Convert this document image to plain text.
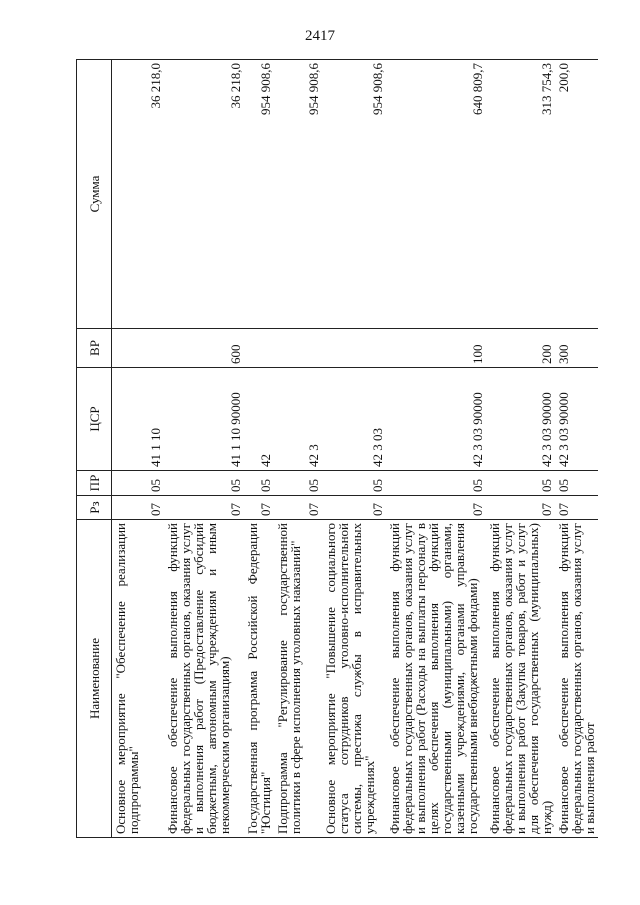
2417
Наименование	Рз	ПР	ЦСР	ВР	Сумма
Основное мероприятие "Обеспечение реализации подпрограммы"	07	05	41 1 10		36 218,0
Финансовое обеспечение выполнения функций федеральных государственных органов, оказания услуг и выполнения работ (Предоставление субсидий бюджетным, автономным учреждениям и иным некоммерческим организациям)	07	05	41 1 10 90000	600	36 218,0
Государственная программа Российской Федерации "Юстиция"	07	05	42		954 908,6
Подпрограмма "Регулирование государственной политики в сфере исполнения уголовных наказаний"	07	05	42 3		954 908,6
Основное мероприятие "Повышение социального статуса сотрудников уголовно-исполнительной системы, престижа службы в исправительных учреждениях"	07	05	42 3 03		954 908,6
Финансовое обеспечение выполнения функций федеральных государственных органов, оказания услуг и выполнения работ (Расходы на выплаты персоналу в целях обеспечения выполнения функций государственными (муниципальными) органами, казенными учреждениями, органами управления государственными внебюджетными фондами)	07	05	42 3 03 90000	100	640 809,7
Финансовое обеспечение выполнения функций федеральных государственных органов, оказания услуг и выполнения работ (Закупка товаров, работ и услуг для обеспечения государственных (муниципальных) нужд)	07	05	42 3 03 90000	200	313 754,3
Финансовое обеспечение выполнения функций федеральных государственных органов, оказания услуг и выполнения работ	07	05	42 3 03 90000	300	200,0
